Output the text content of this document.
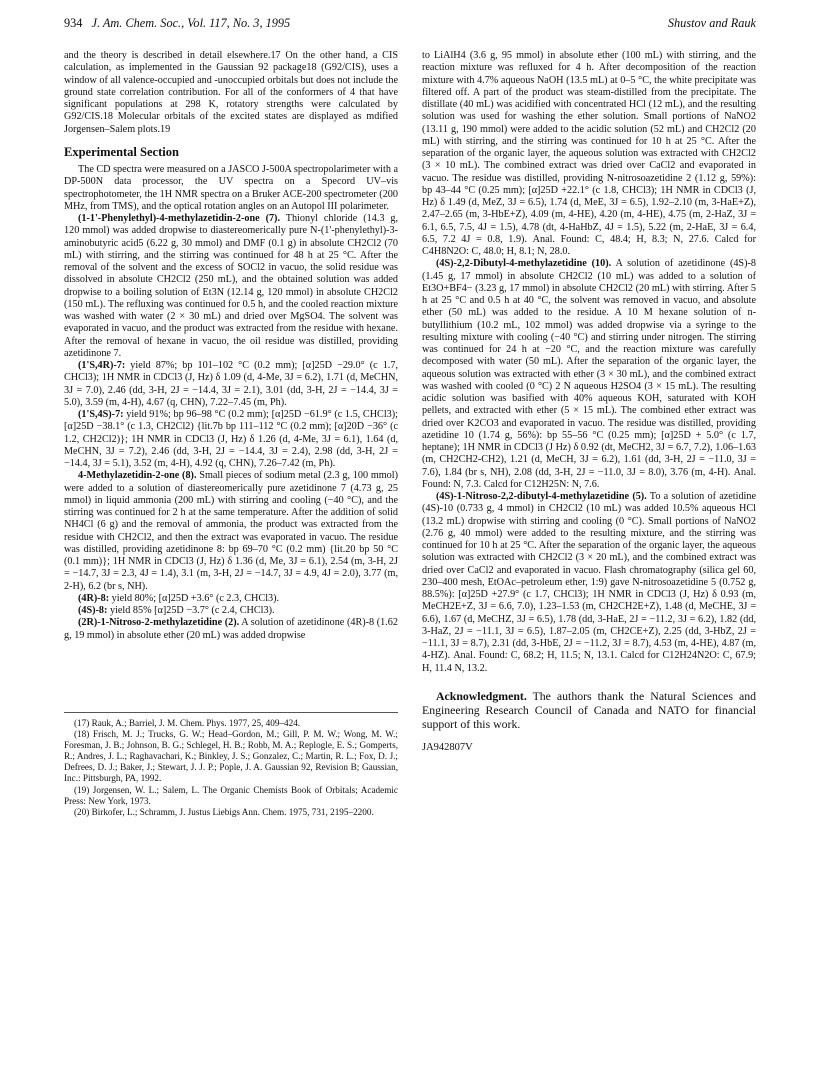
934 J. Am. Chem. Soc., Vol. 117, No. 3, 1995	Shustov and Rauk

and the theory is described in detail elsewhere.17 On the other hand, a CIS calculation, as implemented in the Gaussian 92 package18 (G92/CIS), uses a window of all valence-occupied and -unoccupied orbitals but does not include the ground state correlation contribution. For all of the conformers of 4 that have significant populations at 298 K, rotatory strengths were calculated by G92/CIS.18 Molecular orbitals of the excited states are displayed as mdified Jorgensen–Salem plots.19

Experimental Section

The CD spectra were measured on a JASCO J-500A spectropolarimeter with a DP-500N data processor, the UV spectra on a Specord UV–vis spectrophotometer, the 1H NMR spectra on a Bruker ACE-200 spectrometer (200 MHz, from TMS), and the optical rotation angles on an Autopol III polarimeter.

(1-1'-Phenylethyl)-4-methylazetidin-2-one (7). Thionyl chloride (14.3 g, 120 mmol) was added dropwise to diastereomerically pure N-(1'-phenylethyl)-3-aminobutyric acid5 (6.22 g, 30 mmol) and DMF (0.1 g) in absolute CH2Cl2 (70 mL) with stirring, and the stirring was continued for 48 h at 25 °C. After the removal of the solvent and the excess of SOCl2 in vacuo, the solid residue was dissolved in absolute CH2Cl2 (250 mL), and the obtained solution was added dropwise to a boiling solution of Et3N (12.14 g, 120 mmol) in absolute CH2Cl2 (150 mL). The refluxing was continued for 0.5 h, and the cooled reaction mixture was washed with water (2 × 30 mL) and dried over MgSO4. The solvent was evaporated in vacuo, and the product was extracted from the residue with hexane. After the removal of hexane in vacuo, the oil residue was distilled, providing azetidinone 7.

(1'S,4R)-7: yield 87%; bp 101–102 °C (0.2 mm); [α]25D −29.0° (c 1.7, CHCl3); 1H NMR in CDCl3 (J, Hz) δ 1.09 (d, 4-Me, 3J = 6.2), 1.71 (d, MeCHN, 3J = 7.0), 2.46 (dd, 3-H, 2J = −14.4, 3J = 2.1), 3.01 (dd, 3-H, 2J = −14.4, 3J = 5.0), 3.59 (m, 4-H), 4.67 (q, CHN), 7.22–7.45 (m, Ph).

(1'S,4S)-7: yield 91%; bp 96–98 °C (0.2 mm); [α]25D −61.9° (c 1.5, CHCl3); [α]25D −38.1° (c 1.3, CH2Cl2) {lit.7b bp 111–112 °C (0.2 mm); [α]20D −36° (c 1.2, CH2Cl2)}; 1H NMR in CDCl3 (J, Hz) δ 1.26 (d, 4-Me, 3J = 6.1), 1.64 (d, MeCHN, 3J = 7.2), 2.46 (dd, 3-H, 2J = −14.4, 3J = 2.4), 2.98 (dd, 3-H, 2J = −14.4, 3J = 5.1), 3.52 (m, 4-H), 4.92 (q, CHN), 7.26–7.42 (m, Ph).

4-Methylazetidin-2-one (8). Small pieces of sodium metal (2.3 g, 100 mmol) were added to a solution of diastereomerically pure azetidinone 7 (4.73 g, 25 mmol) in liquid ammonia (200 mL) with stirring and cooling (−40 °C), and the stirring was continued for 2 h at the same temperature. After the addition of solid NH4Cl (6 g) and the removal of ammonia, the product was extracted from the residue with CH2Cl2, and then the extract was evaporated in vacuo. The residue was distilled, providing azetidinone 8: bp 69–70 °C (0.2 mm) {lit.20 bp 50 °C (0.1 mm)}; 1H NMR in CDCl3 (J, Hz) δ 1.36 (d, Me, 3J = 6.1), 2.54 (m, 3-H, 2J = −14.7, 3J = 2.3, 4J = 1.4), 3.1 (m, 3-H, 2J = −14.7, 3J = 4.9, 4J = 2.0), 3.77 (m, 2-H), 6.2 (br s, NH).

(4R)-8: yield 80%; [α]25D +3.6° (c 2.3, CHCl3).

(4S)-8: yield 85% [α]25D −3.7° (c 2.4, CHCl3).

(2R)-1-Nitroso-2-methylazetidine (2). A solution of azetidinone (4R)-8 (1.62 g, 19 mmol) in absolute ether (20 mL) was added dropwise

(17) Rauk, A.; Barriel, J. M. Chem. Phys. 1977, 25, 409–424.

(18) Frisch, M. J.; Trucks, G. W.; Head–Gordon, M.; Gill, P. M. W.; Wong, M. W.; Foresman, J. B.; Johnson, B. G.; Schlegel, H. B.; Robb, M. A.; Replogle, E. S.; Gomperts, R.; Andres, J. L.; Raghavachari, K.; Binkley, J. S.; Gonzalez, C.; Martin, R. L.; Fox, D. J.; Defrees, D. J.; Baker, J.; Stewart, J. J. P.; Pople, J. A. Gaussian 92, Revision B; Gaussian, Inc.: Pittsburgh, PA, 1992.

(19) Jorgensen, W. L.; Salem, L. The Organic Chemists Book of Orbitals; Academic Press: New York, 1973.

(20) Birkofer, L.; Schramm, J. Justus Liebigs Ann. Chem. 1975, 731, 2195–2200.

to LiAlH4 (3.6 g, 95 mmol) in absolute ether (100 mL) with stirring, and the reaction mixture was refluxed for 4 h. After decomposition of the reaction mixture with 4.7% aqueous NaOH (13.5 mL) at 0–5 °C, the white precipitate was filtered off. A part of the product was steam-distilled from the precipitate. The distillate (40 mL) was acidified with concentrated HCl (12 mL), and the resulting solution was used for washing the ether solution. Small portions of NaNO2 (13.11 g, 190 mmol) were added to the acidic solution (52 mL) and CH2Cl2 (20 mL) with stirring, and the stirring was continued for 10 h at 25 °C. After the separation of the organic layer, the aqueous solution was extracted with CH2Cl2 (3 × 10 mL). The combined extract was dried over CaCl2 and evaporated in vacuo. The residue was distilled, providing N-nitrosoazetidine 2 (1.12 g, 59%): bp 43–44 °C (0.25 mm); [α]25D +22.1° (c 1.8, CHCl3); 1H NMR in CDCl3 (J, Hz) δ 1.49 (d, MeZ, 3J = 6.5), 1.74 (d, MeE, 3J = 6.5), 1.92–2.10 (m, 3-HaE+Z), 2.47–2.65 (m, 3-HbE+Z), 4.09 (m, 4-HE), 4.20 (m, 4-HE), 4.75 (m, 2-HaZ, 3J = 6.1, 6.5, 7.5, 4J = 1.5), 4.78 (dt, 4-HaHbZ, 4J = 1.5), 5.22 (m, 2-HaE, 3J = 6.4, 6.5, 7.2 4J = 0.8, 1.9). Anal. Found: C, 48.4; H, 8.3; N, 27.6. Calcd for C4H8N2O: C, 48.0; H, 8.1; N, 28.0.

(4S)-2,2-Dibutyl-4-methylazetidine (10). A solution of azetidinone (4S)-8 (1.45 g, 17 mmol) in absolute CH2Cl2 (10 mL) was added to a solution of Et3O+BF4− (3.23 g, 17 mmol) in absolute CH2Cl2 (20 mL) with stirring. After 5 h at 25 °C and 0.5 h at 40 °C, the solvent was removed in vacuo, and absolute ether (50 mL) was added to the residue. A 10 M hexane solution of n-butyllithium (10.2 mL, 102 mmol) was added dropwise via a syringe to the resulting mixture with cooling (−40 °C) and stirring under nitrogen. The stirring was continued for 24 h at −20 °C, and the reaction mixture was carefully decomposed with water (50 mL). After the separation of the organic layer, the aqueous solution was extracted with ether (3 × 30 mL), and the combined extract was washed with cooled (0 °C) 2 N aqueous H2SO4 (3 × 15 mL). The resulting acidic solution was basified with 40% aqueous KOH, saturated with KOH pellets, and extracted with ether (5 × 15 mL). The combined ether extract was dried over K2CO3 and evaporated in vacuo. The residue was distilled, providing azetidine 10 (1.74 g, 56%): bp 55–56 °C (0.25 mm); [α]25D + 5.0° (c 1.7, heptane); 1H NMR in CDCl3 (J Hz) δ 0.92 (dt, MeCH2, 3J = 6.7, 7.2), 1.06–1.63 (m, CH2CH2-CH2), 1.21 (d, MeCH, 3J = 6.2), 1.61 (dd, 3-H, 2J = −11.0, 3J = 7.6), 1.84 (br s, NH), 2.08 (dd, 3-H, 2J = −11.0, 3J = 8.0), 3.76 (m, 4-H). Anal. Found: N, 7.3. Calcd for C12H25N: N, 7.6.

(4S)-1-Nitroso-2,2-dibutyl-4-methylazetidine (5). To a solution of azetidine (4S)-10 (0.733 g, 4 mmol) in CH2Cl2 (10 mL) was added 10.5% aqueous HCl (13.2 mL) dropwise with stirring and cooling (0 °C). Small portions of NaNO2 (2.76 g, 40 mmol) were added to the resulting mixture, and the stirring was continued for 10 h at 25 °C. After the separation of the organic layer, the aqueous solution was extracted with CH2Cl2 (3 × 20 mL), and the combined extract was dried over CaCl2 and evaporated in vacuo. Flash chromatography (silica gel 60, 230–400 mesh, EtOAc–petroleum ether, 1:9) gave N-nitrosoazetidine 5 (0.752 g, 88.5%): [α]25D +27.9° (c 1.7, CHCl3); 1H NMR in CDCl3 (J, Hz) δ 0.93 (m, MeCH2E+Z, 3J = 6.6, 7.0), 1.23–1.53 (m, CH2CH2E+Z), 1.48 (d, MeCHE, 3J = 6.6), 1.67 (d, MeCHZ, 3J = 6.5), 1.78 (dd, 3-HaE, 2J = −11.2, 3J = 6.2), 1.82 (dd, 3-HaZ, 2J = −11.1, 3J = 6.5), 1.87–2.05 (m, CH2CE+Z), 2.25 (dd, 3-HbZ, 2J = −11.1, 3J = 8.7), 2.31 (dd, 3-HbE, 2J = −11.2, 3J = 8.7), 4.53 (m, 4-HE), 4.87 (m, 4-HZ). Anal. Found: C, 68.2; H, 11.5; N, 13.1. Calcd for C12H24N2O: C, 67.9; H, 11.4 N, 13.2.

Acknowledgment. The authors thank the Natural Sciences and Engineering Research Council of Canada and NATO for financial support of this work.

JA942807V
